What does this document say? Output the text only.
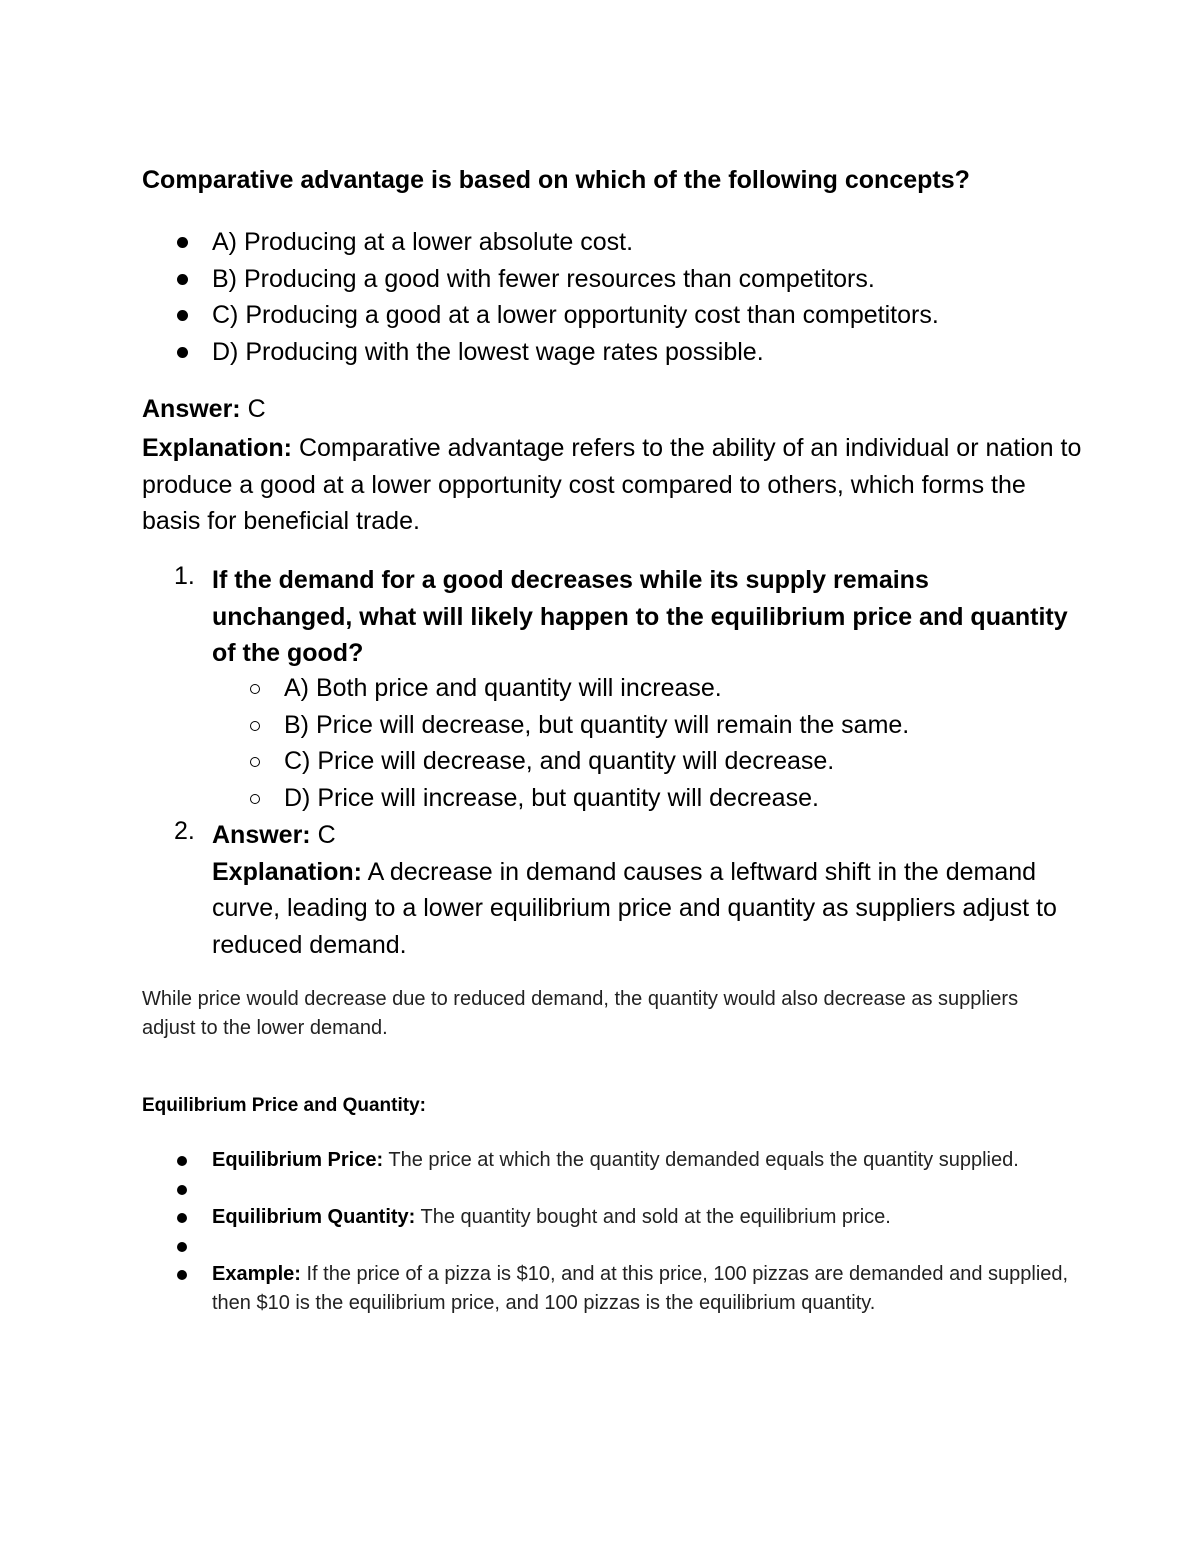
Comparative advantage is based on which of the following concepts?
A) Producing at a lower absolute cost.
B) Producing a good with fewer resources than competitors.
C) Producing a good at a lower opportunity cost than competitors.
D) Producing with the lowest wage rates possible.
Answer: C
Explanation: Comparative advantage refers to the ability of an individual or nation to produce a good at a lower opportunity cost compared to others, which forms the basis for beneficial trade.
1. If the demand for a good decreases while its supply remains unchanged, what will likely happen to the equilibrium price and quantity of the good?
A) Both price and quantity will increase.
B) Price will decrease, but quantity will remain the same.
C) Price will decrease, and quantity will decrease.
D) Price will increase, but quantity will decrease.
2. Answer: C
Explanation: A decrease in demand causes a leftward shift in the demand curve, leading to a lower equilibrium price and quantity as suppliers adjust to reduced demand.
While price would decrease due to reduced demand, the quantity would also decrease as suppliers adjust to the lower demand.
Equilibrium Price and Quantity:
Equilibrium Price: The price at which the quantity demanded equals the quantity supplied.
Equilibrium Quantity: The quantity bought and sold at the equilibrium price.
Example: If the price of a pizza is $10, and at this price, 100 pizzas are demanded and supplied, then $10 is the equilibrium price, and 100 pizzas is the equilibrium quantity.
